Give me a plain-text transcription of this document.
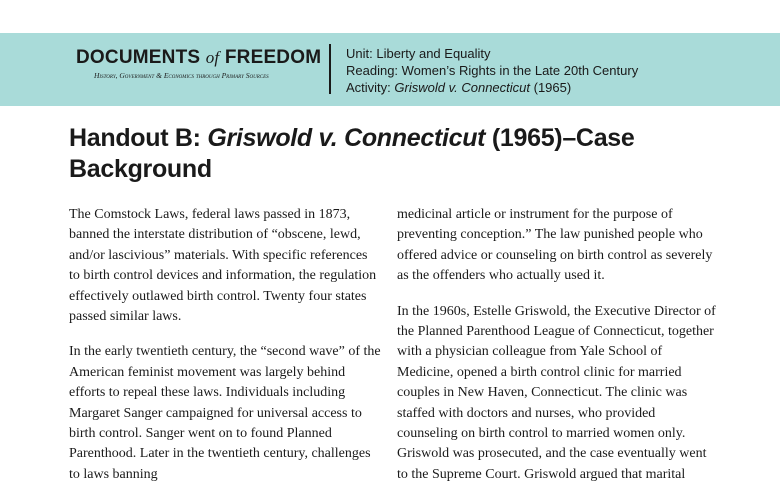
DOCUMENTS of FREEDOM
History, Government & Economics through Primary Sources
Unit: Liberty and Equality
Reading: Women’s Rights in the Late 20th Century
Activity: Griswold v. Connecticut (1965)
Handout B: Griswold v. Connecticut (1965)–Case Background

The Comstock Laws, federal laws passed in 1873, banned the interstate distribution of “obscene, lewd, and/or lascivious” materials. With specific references to birth control devices and information, the regulation effectively outlawed birth control. Twenty four states passed similar laws.

In the early twentieth century, the “second wave” of the American feminist movement was largely behind efforts to repeal these laws. Individuals including Margaret Sanger campaigned for universal access to birth control. Sanger went on to found Planned Parenthood. Later in the twentieth century, challenges to laws banning

medicinal article or instrument for the purpose of preventing conception.” The law punished people who offered advice or counseling on birth control as severely as the offenders who actually used it.

In the 1960s, Estelle Griswold, the Executive Director of the Planned Parenthood League of Connecticut, together with a physician colleague from Yale School of Medicine, opened a birth control clinic for married couples in New Haven, Connecticut. The clinic was staffed with doctors and nurses, who provided counseling on birth control to married women only. Griswold was prosecuted, and the case eventually went to the Supreme Court. Griswold argued that marital
